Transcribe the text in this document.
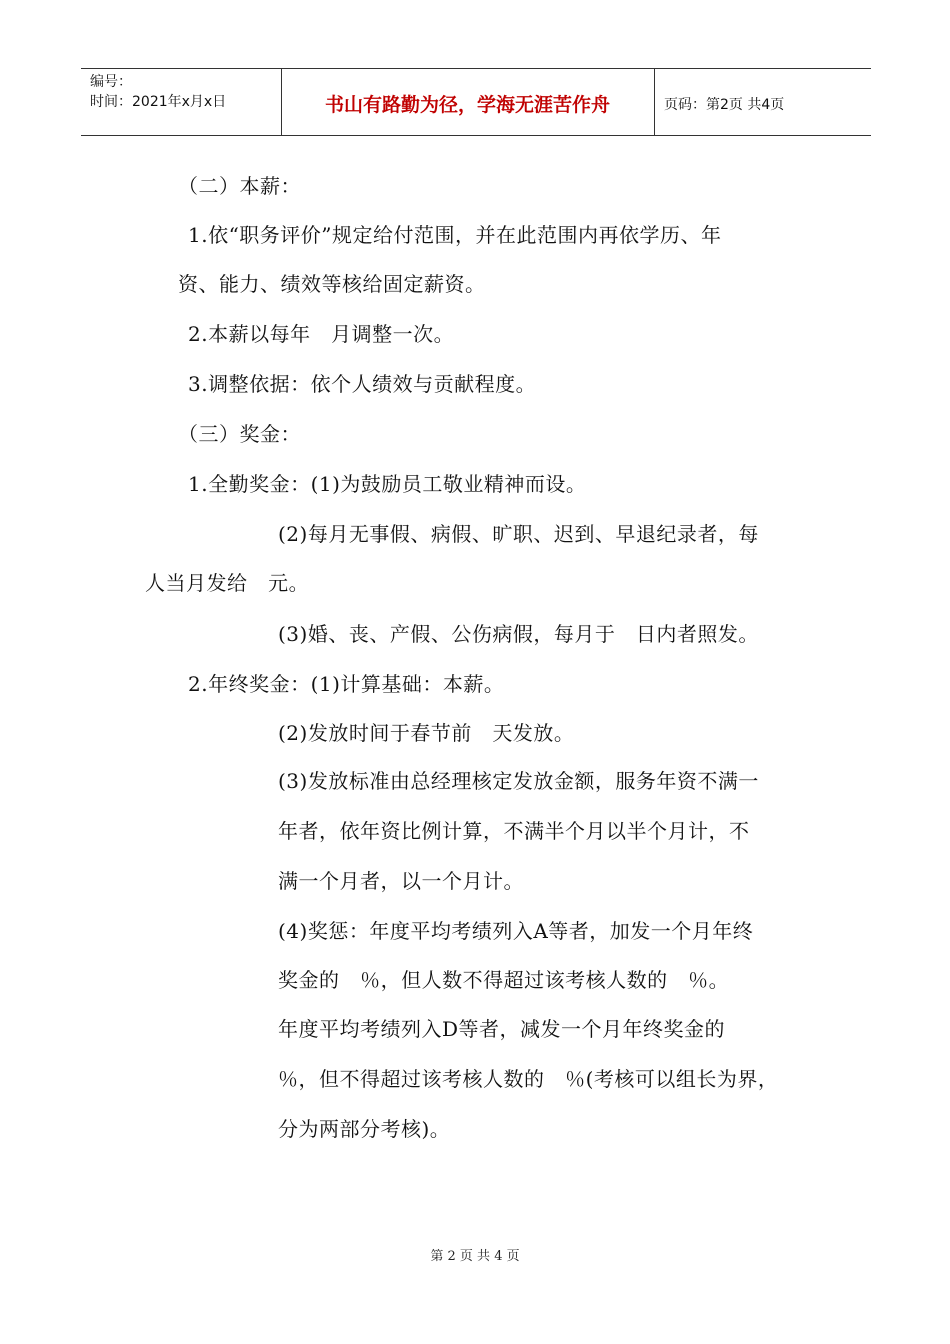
编号：
时间：2021年x月x日	书山有路勤为径，学海无涯苦作舟	页码：第2页 共4页
（二）本薪：
1.依“职务评价”规定给付范围，并在此范围内再依学历、年
资、能力、绩效等核给固定薪资。
2.本薪以每年   月调整一次。
3.调整依据：依个人绩效与贡献程度。
（三）奖金：
1.全勤奖金：(1)为鼓励员工敬业精神而设。
(2)每月无事假、病假、旷职、迟到、早退纪录者，每
人当月发给   元。
(3)婚、丧、产假、公伤病假，每月于   日内者照发。
2.年终奖金：(1)计算基础：本薪。
(2)发放时间于春节前   天发放。
(3)发放标准由总经理核定发放金额，服务年资不满一
年者，依年资比例计算，不满半个月以半个月计，不
满一个月者，以一个月计。
(4)奖惩：年度平均考绩列入A等者，加发一个月年终
奖金的   ％，但人数不得超过该考核人数的   ％。
年度平均考绩列入D等者，减发一个月年终奖金的
％，但不得超过该考核人数的   ％(考核可以组长为界，
分为两部分考核)。
第 2 页 共 4 页
